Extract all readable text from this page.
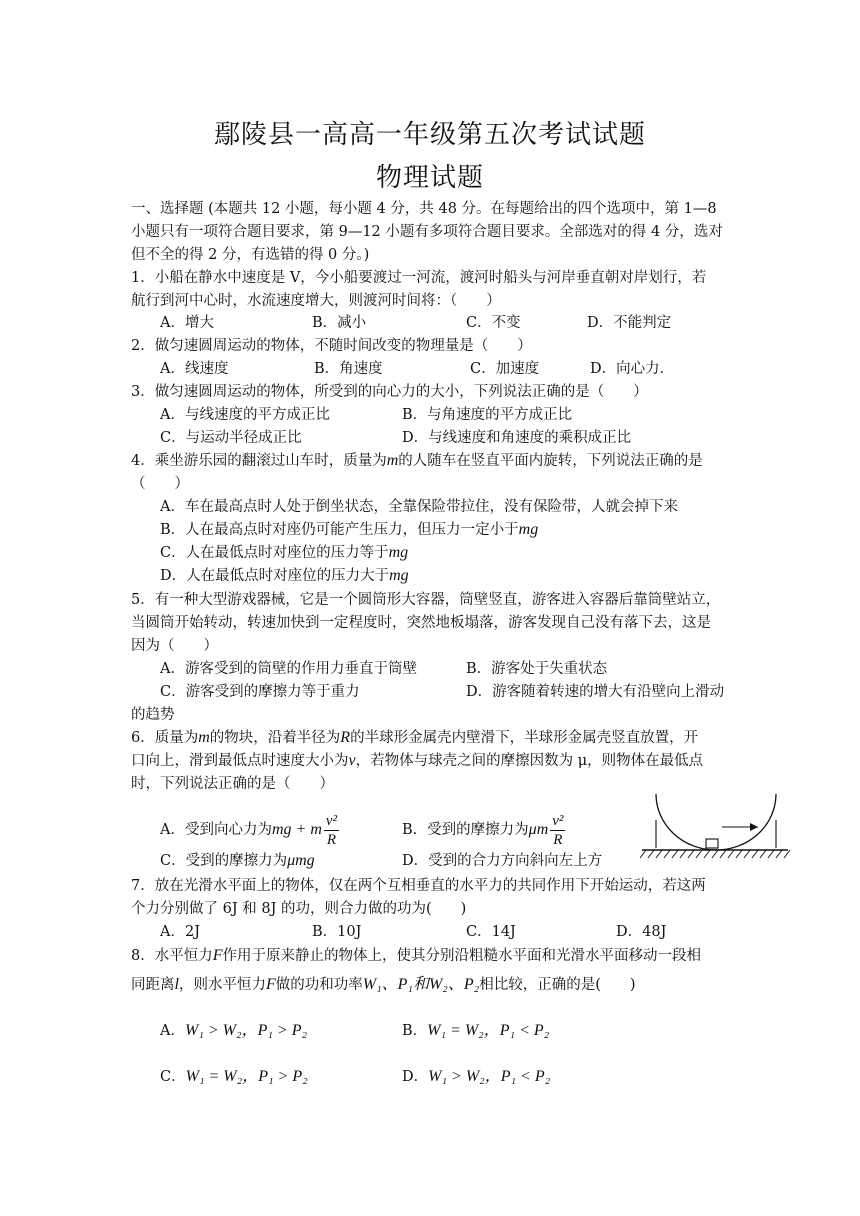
鄢陵县一高高一年级第五次考试试题
物理试题
一、选择题 (本题共 12 小题，每小题 4 分，共 48 分。在每题给出的四个选项中，第 1—8
小题只有一项符合题目要求，第 9—12 小题有多项符合题目要求。全部选对的得 4 分，选对
但不全的得 2 分，有选错的得 0 分。)
1．小船在静水中速度是 V，今小船要渡过一河流，渡河时船头与河岸垂直朝对岸划行，若
航行到河中心时，水流速度增大，则渡河时间将：（　　）
A．增大	B．减小	C．不变	D．不能判定
2．做匀速圆周运动的物体，不随时间改变的物理量是（　　）
A．线速度	B．角速度	C．加速度	D．向心力．
3．做匀速圆周运动的物体，所受到的向心力的大小，下列说法正确的是（　　）
A．与线速度的平方成正比	B．与角速度的平方成正比
C．与运动半径成正比	D．与线速度和角速度的乘积成正比
4．乘坐游乐园的翻滚过山车时，质量为m的人随车在竖直平面内旋转，下列说法正确的是
（　　）
A．车在最高点时人处于倒坐状态，全靠保险带拉住，没有保险带，人就会掉下来
B．人在最高点时对座仍可能产生压力，但压力一定小于mg
C．人在最低点时对座位的压力等于mg
D．人在最低点时对座位的压力大于mg
5．有一种大型游戏器械，它是一个圆筒形大容器，筒壁竖直，游客进入容器后靠筒壁站立，
当圆筒开始转动，转速加快到一定程度时，突然地板塌落，游客发现自己没有落下去，这是
因为（　　）
A．游客受到的筒壁的作用力垂直于筒壁	B．游客处于失重状态
C．游客受到的摩擦力等于重力	D．游客随着转速的增大有沿壁向上滑动
的趋势
6．质量为m的物块，沿着半径为R的半球形金属壳内壁滑下，半球形金属壳竖直放置，开
口向上，滑到最低点时速度大小为v，若物体与球壳之间的摩擦因数为 μ，则物体在最低点
时，下列说法正确的是（　　）
A．受到向心力为mg + m $\frac{\text{v²}}{R}$	B．受到的摩擦力为μm $\frac{\text{v²}}{R}$
C．受到的摩擦力为μmg	D．受到的合力方向斜向左上方
7．放在光滑水平面上的物体，仅在两个互相垂直的水平力的共同作用下开始运动，若这两
个力分别做了 6J 和 8J 的功，则合力做的功为(　　)
A．2J	B．10J	C．14J	D．48J
8．水平恒力F作用于原来静止的物体上，使其分别沿粗糙水平面和光滑水平面移动一段相
同距离l，则水平恒力F做的功和功率W₁、P₁和W₂、P₂相比较，正确的是(　　)
A．W₁ > W₂，P₁ > P₂	B．W₁ = W₂，P₁ < P₂
C．W₁ = W₂，P₁ > P₂	D．W₁ > W₂，P₁ < P₂
